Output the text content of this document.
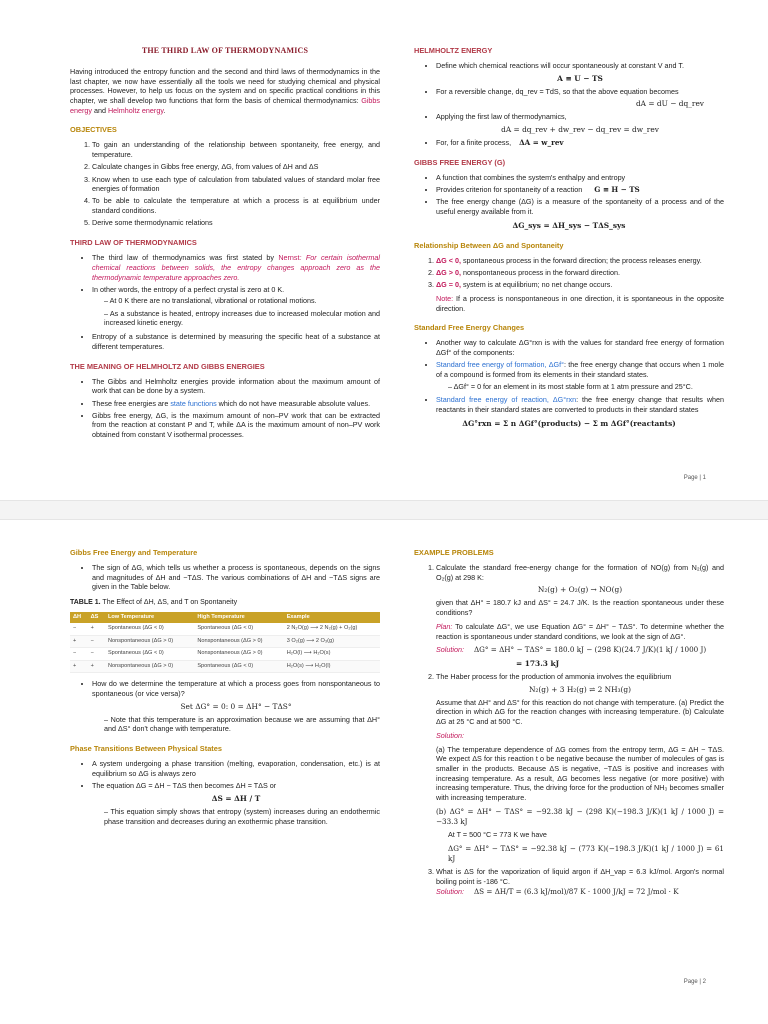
THE THIRD LAW OF THERMODYNAMICS

Having introduced the entropy function and the second and third laws of thermodynamics in the last chapter, we now have essentially all the tools we need for studying chemical and physical processes. However, to help us focus on the system and on specific practical conditions in this chapter, we shall develop two functions that form the basis of chemical thermodynamics: Gibbs energy and Helmholtz energy.

OBJECTIVES
1. To gain an understanding of the relationship between spontaneity, free energy, and temperature.
2. Calculate changes in Gibbs free energy, ΔG, from values of ΔH and ΔS
3. Know when to use each type of calculation from tabulated values of standard molar free energies of formation
4. To be able to calculate the temperature at which a process is at equilibrium under standard conditions.
5. Derive some thermodynamic relations
THIRD LAW OF THERMODYNAMICS
• The third law of thermodynamics was first stated by Nernst: For certain isothermal chemical reactions between solids, the entropy changes approach zero as the thermodynamic temperature approaches zero.
• In other words, the entropy of a perfect crystal is zero at 0 K.
– At 0 K there are no translational, vibrational or rotational motions.
– As a substance is heated, entropy increases due to increased molecular motion and increased kinetic energy.
• Entropy of a substance is determined by measuring the specific heat of a substance at different temperatures.
THE MEANING OF HELMHOLTZ AND GIBBS ENERGIES
• The Gibbs and Helmholtz energies provide information about the maximum amount of work that can be done by a system.
• These free energies are state functions which do not have measurable absolute values.
• Gibbs free energy, ΔG, is the maximum amount of non–PV work that can be extracted from the reaction at constant P and T, while ΔA is the maximum amount of non–PV work obtained from constant V isothermal processes.
HELMHOLTZ ENERGY
• Define which chemical reactions will occur spontaneously at constant V and T.
A ≡ U − TS
• For a reversible change, dq_rev = TdS, so that the above equation becomes
dA = dU − dq_rev
• Applying the first law of thermodynamics,
dA = dq_rev + dw_rev − dq_rev = dw_rev
• For, for a finite process, ΔA = w_rev
GIBBS FREE ENERGY (G)
• A function that combines the system's enthalpy and entropy
• Provides criterion for spontaneity of a reaction G ≡ H − TS
• The free energy change (ΔG) is a measure of the spontaneity of a process and of the useful energy available from it.
ΔG_sys = ΔH_sys − TΔS_sys
Relationship Between ΔG and Spontaneity
1. ΔG < 0, spontaneous process in the forward direction; the process releases energy.
2. ΔG > 0, nonspontaneous process in the forward direction.
3. ΔG = 0, system is at equilibrium; no net change occurs.

Note: If a process is nonspontaneous in one direction, it is spontaneous in the opposite direction.

Standard Free Energy Changes
• Another way to calculate ΔG°rxn is with the values for standard free energy of formation ΔGf° of the components:
• Standard free energy of formation, ΔGf°: the free energy change that occurs when 1 mole of a compound is formed from its elements in their standard states.
– ΔGf° = 0 for an element in its most stable form at 1 atm pressure and 25°C.
• Standard free energy of reaction, ΔG°rxn: the free energy change that results when reactants in their standard states are converted to products in their standard states
ΔG°rxn = Σ n ΔGf°(products) − Σ m ΔGf°(reactants)
Page | 1
Gibbs Free Energy and Temperature
• The sign of ΔG, which tells us whether a process is spontaneous, depends on the signs and magnitudes of ΔH and −TΔS. The various combinations of ΔH and −TΔS signs are given in the Table below.
TABLE 1. The Effect of ΔH, ΔS, and T on Spontaneity
ΔH	ΔS	Low Temperature	High Temperature	Example
−	+	Spontaneous (ΔG < 0)	Spontaneous (ΔG < 0)	2 N₂O(g) ⟶ 2 N₂(g) + O₂(g)
+	−	Nonspontaneous (ΔG > 0)	Nonspontaneous (ΔG > 0)	3 O₂(g) ⟶ 2 O₃(g)
−	−	Spontaneous (ΔG < 0)	Nonspontaneous (ΔG > 0)	H₂O(l) ⟶ H₂O(s)
+	+	Nonspontaneous (ΔG > 0)	Spontaneous (ΔG < 0)	H₂O(s) ⟶ H₂O(l)
• How do we determine the temperature at which a process goes from nonspontaneous to spontaneous (or vice versa)?
Set ΔG° = 0: 0 = ΔH° − TΔS°
– Note that this temperature is an approximation because we are assuming that ΔH° and ΔS° don't change with temperature.
Phase Transitions Between Physical States
• A system undergoing a phase transition (melting, evaporation, condensation, etc.) is at equilibrium so ΔG is always zero
• The equation ΔG = ΔH − TΔS then becomes ΔH = TΔS or
ΔS = ΔH / T
– This equation simply shows that entropy (system) increases during an endothermic phase transition and decreases during an exothermic phase transition.
EXAMPLE PROBLEMS
1. Calculate the standard free-energy change for the formation of NO(g) from N₂(g) and O₂(g) at 298 K:
N₂(g) + O₂(g) → NO(g)

given that ΔH° = 180.7 kJ and ΔS° = 24.7 J/K. Is the reaction spontaneous under these conditions?

Plan: To calculate ΔG°, we use Equation ΔG° = ΔH° − TΔS°. To determine whether the reaction is spontaneous under standard conditions, we look at the sign of ΔG°.

Solution: ΔG° = ΔH° − TΔS° = 180.0 kJ − (298 K)(24.7 J/K)(1 kJ / 1000 J)

= 173.3 kJ
2. The Haber process for the production of ammonia involves the equilibrium
N₂(g) + 3 H₂(g) ⇌ 2 NH₃(g)

Assume that ΔH° and ΔS° for this reaction do not change with temperature. (a) Predict the direction in which ΔG for the reaction changes with increasing temperature. (b) Calculate ΔG at 25 °C and at 500 °C.

Solution:

(a) The temperature dependence of ΔG comes from the entropy term, ΔG = ΔH − TΔS. We expect ΔS for this reaction t o be negative because the number of molecules of gas is smaller in the products. Because ΔS is negative, −TΔS is positive and increases with increasing temperature. As a result, ΔG becomes less negative (or more positive) with increasing temperature. Thus, the driving force for the production of NH₃ becomes smaller with increasing temperature.

(b) ΔG° = ΔH° − TΔS° = −92.38 kJ − (298 K)(−198.3 J/K)(1 kJ / 1000 J) = −33.3 kJ

At T = 500 °C = 773 K we have

ΔG° = ΔH° − TΔS° = −92.38 kJ − (773 K)(−198.3 J/K)(1 kJ / 1000 J) = 61 kJ

3. What is ΔS for the vaporization of liquid argon if ΔH_vap = 6.3 kJ/mol. Argon's normal boiling point is -186 °C.

Solution: ΔS = ΔH/T = (6.3 kJ/mol)/87 K · 1000 J/kJ = 72 J/mol · K

Page | 2
